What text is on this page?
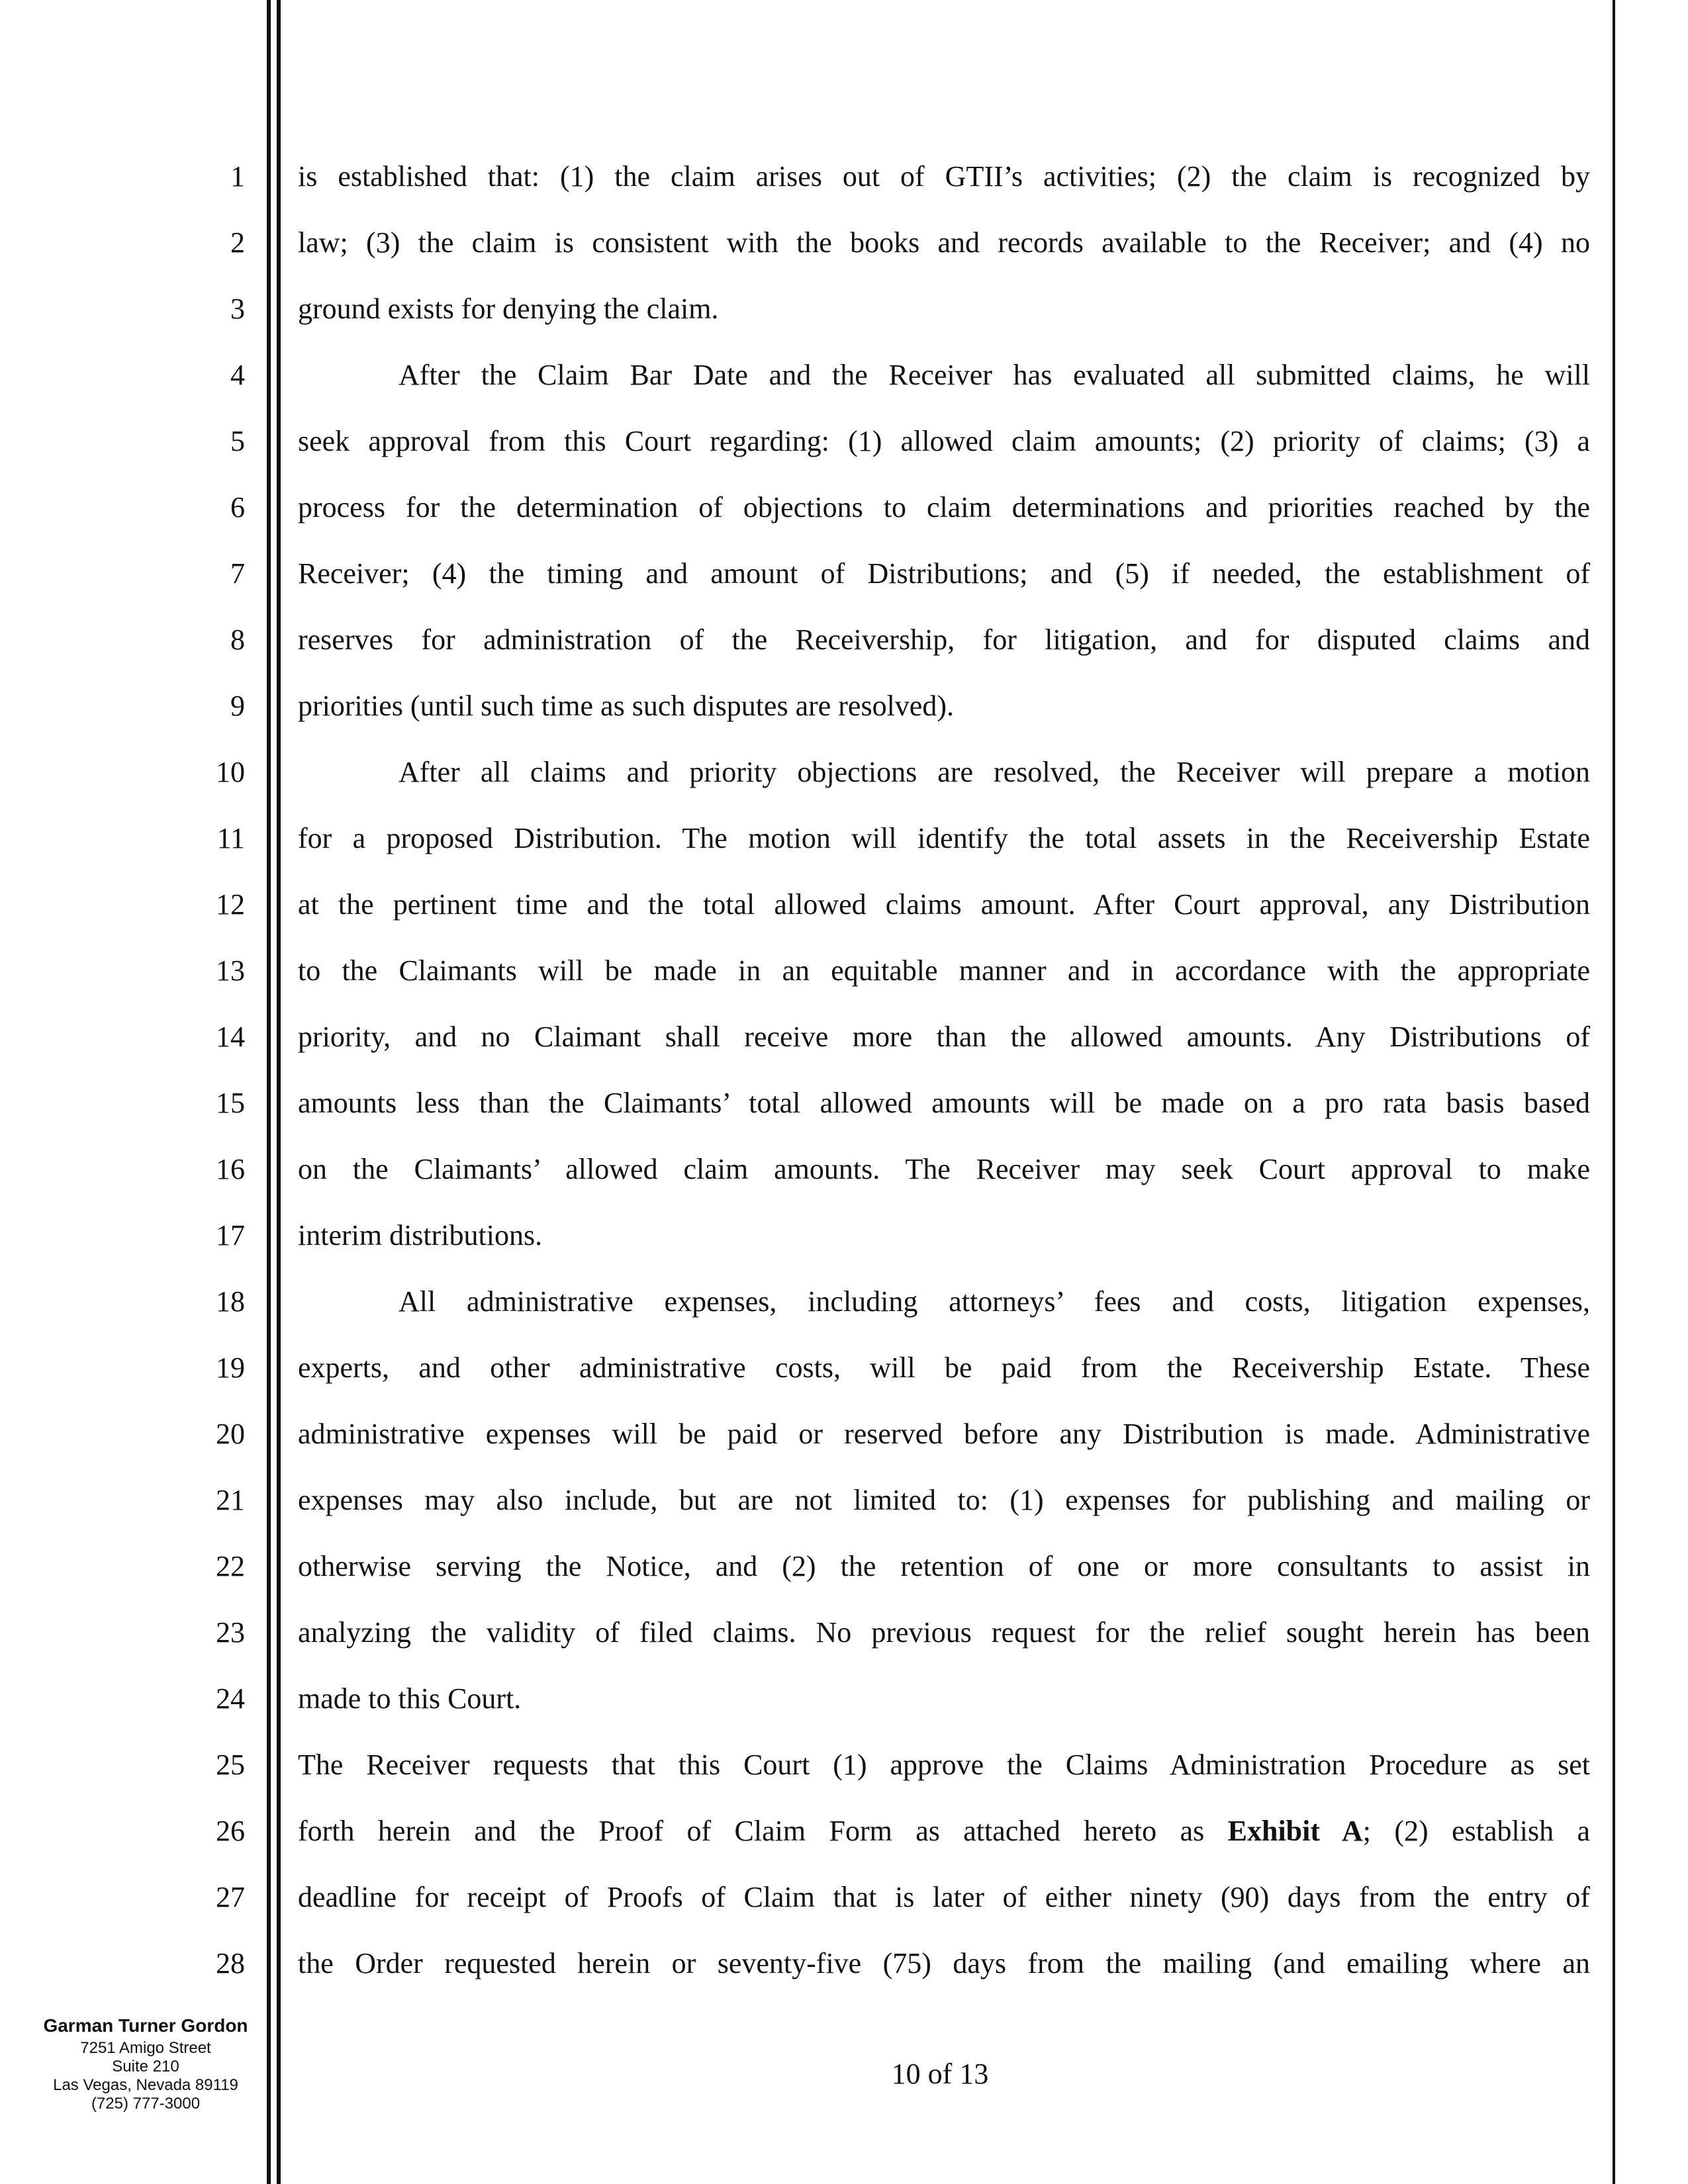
1
2
3
4
5
6
7
8
9
10
11
12
13
14
15
16
17
18
19
20
21
22
23
24
25
26
27
28
is established that: (1) the claim arises out of GTII’s activities; (2) the claim is recognized by
law; (3) the claim is consistent with the books and records available to the Receiver; and (4) no
ground exists for denying the claim.
After the Claim Bar Date and the Receiver has evaluated all submitted claims, he will
seek approval from this Court regarding: (1) allowed claim amounts; (2) priority of claims; (3) a
process for the determination of objections to claim determinations and priorities reached by the
Receiver; (4) the timing and amount of Distributions; and (5) if needed, the establishment of
reserves for administration of the Receivership, for litigation, and for disputed claims and
priorities (until such time as such disputes are resolved).
After all claims and priority objections are resolved, the Receiver will prepare a motion
for a proposed Distribution. The motion will identify the total assets in the Receivership Estate
at the pertinent time and the total allowed claims amount. After Court approval, any Distribution
to the Claimants will be made in an equitable manner and in accordance with the appropriate
priority, and no Claimant shall receive more than the allowed amounts. Any Distributions of
amounts less than the Claimants’ total allowed amounts will be made on a pro rata basis based
on the Claimants’ allowed claim amounts. The Receiver may seek Court approval to make
interim distributions.
All administrative expenses, including attorneys’ fees and costs, litigation expenses,
experts, and other administrative costs, will be paid from the Receivership Estate. These
administrative expenses will be paid or reserved before any Distribution is made. Administrative
expenses may also include, but are not limited to: (1) expenses for publishing and mailing or
otherwise serving the Notice, and (2) the retention of one or more consultants to assist in
analyzing the validity of filed claims. No previous request for the relief sought herein has been
made to this Court.
The Receiver requests that this Court (1) approve the Claims Administration Procedure as set
forth herein and the Proof of Claim Form as attached hereto as Exhibit A; (2) establish a
deadline for receipt of Proofs of Claim that is later of either ninety (90) days from the entry of
the Order requested herein or seventy-five (75) days from the mailing (and emailing where an
Garman Turner Gordon
7251 Amigo Street
Suite 210
Las Vegas, Nevada 89119
(725) 777-3000
10 of 13
